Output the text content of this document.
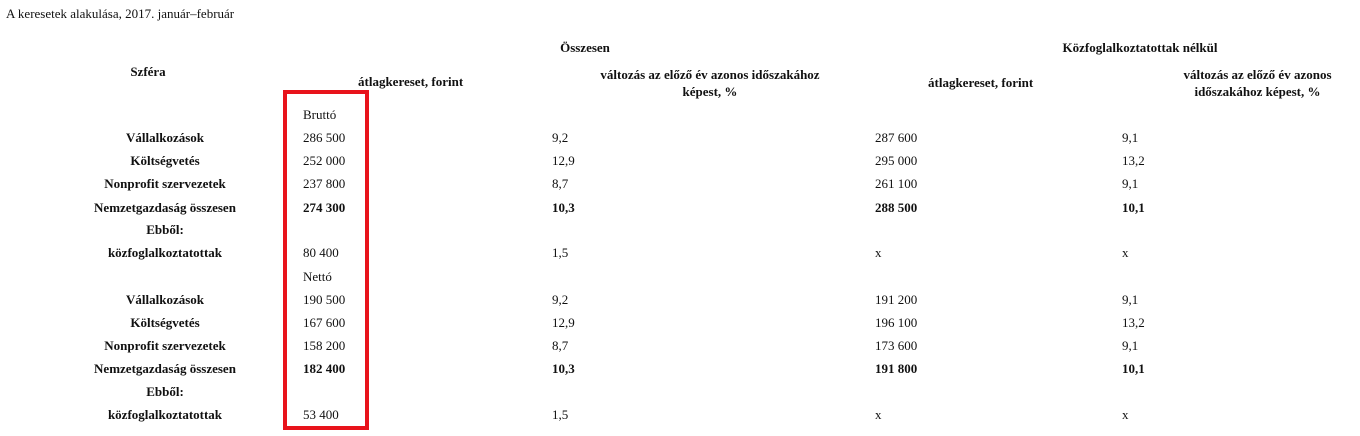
A keresetek alakulása, 2017. január–február
Szféra
Összesen	Közfoglalkoztatottak nélkül
átlagkereset, forint	változás az előző év azonos időszakához
képest, %
átlagkereset, forint
változás az előző év azonos
időszakához képest, %
Bruttó
Nettó
Vállalkozások
Költségvetés
Nonprofit szervezetek
Nemzetgazdaság összesen
Ebből:
közfoglalkoztatottak
Vállalkozások
Költségvetés
Nonprofit szervezetek
Nemzetgazdaság összesen
Ebből:
közfoglalkoztatottak
286 500
252 000
237 800
274 300
80 400
190 500
167 600
158 200
182 400
53 400
9,2
12,9
8,7
10,3
1,5
9,2
12,9
8,7
10,3
1,5
287 600
295 000
261 100
288 500
x
191 200
196 100
173 600
191 800
x
9,1
13,2
9,1
10,1
x
9,1
13,2
9,1
10,1
x
